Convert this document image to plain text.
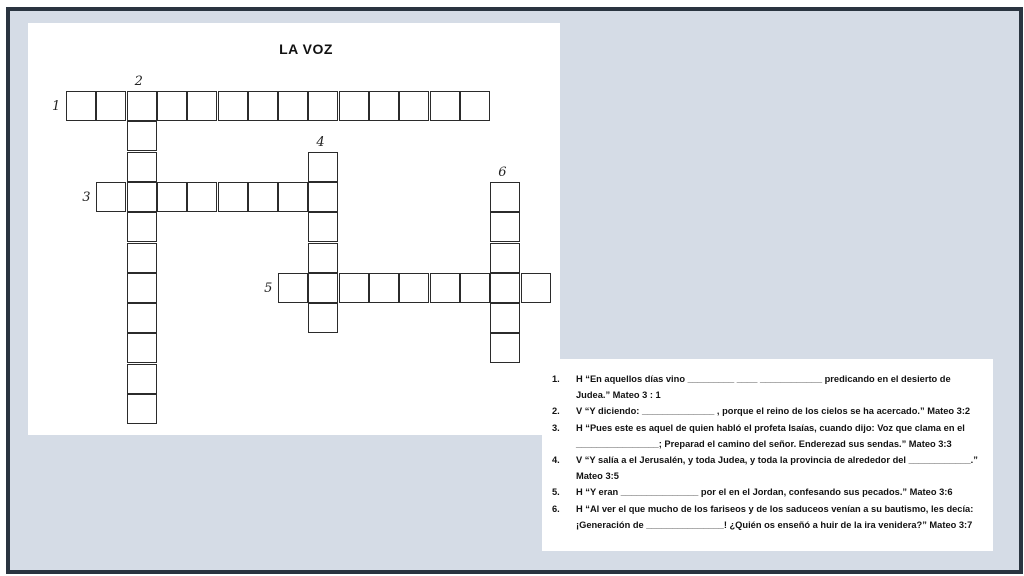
LA VOZ
1
2
3
4
5
6
1. H “En aquellos días vino _________ ____ ____________ predicando en el desierto de Judea.” Mateo 3 : 1
2. V “Y diciendo: ______________ , porque el reino de los cielos se ha acercado.” Mateo 3:2
3. H “Pues este es aquel de quien habló el profeta Isaías, cuando dijo: Voz que clama en el ________________; Preparad el camino del señor. Enderezad sus sendas.” Mateo 3:3
4. V “Y salía a el Jerusalén, y toda Judea, y toda la provincia de alrededor del ____________.” Mateo 3:5
5. H “Y eran _______________ por el en el Jordan, confesando sus pecados.” Mateo 3:6
6. H “Al ver el que mucho de los fariseos y de los saduceos venían a su bautismo, les decía: ¡Generación de _______________! ¿Quién os enseñó a huir de la ira venidera?” Mateo 3:7
